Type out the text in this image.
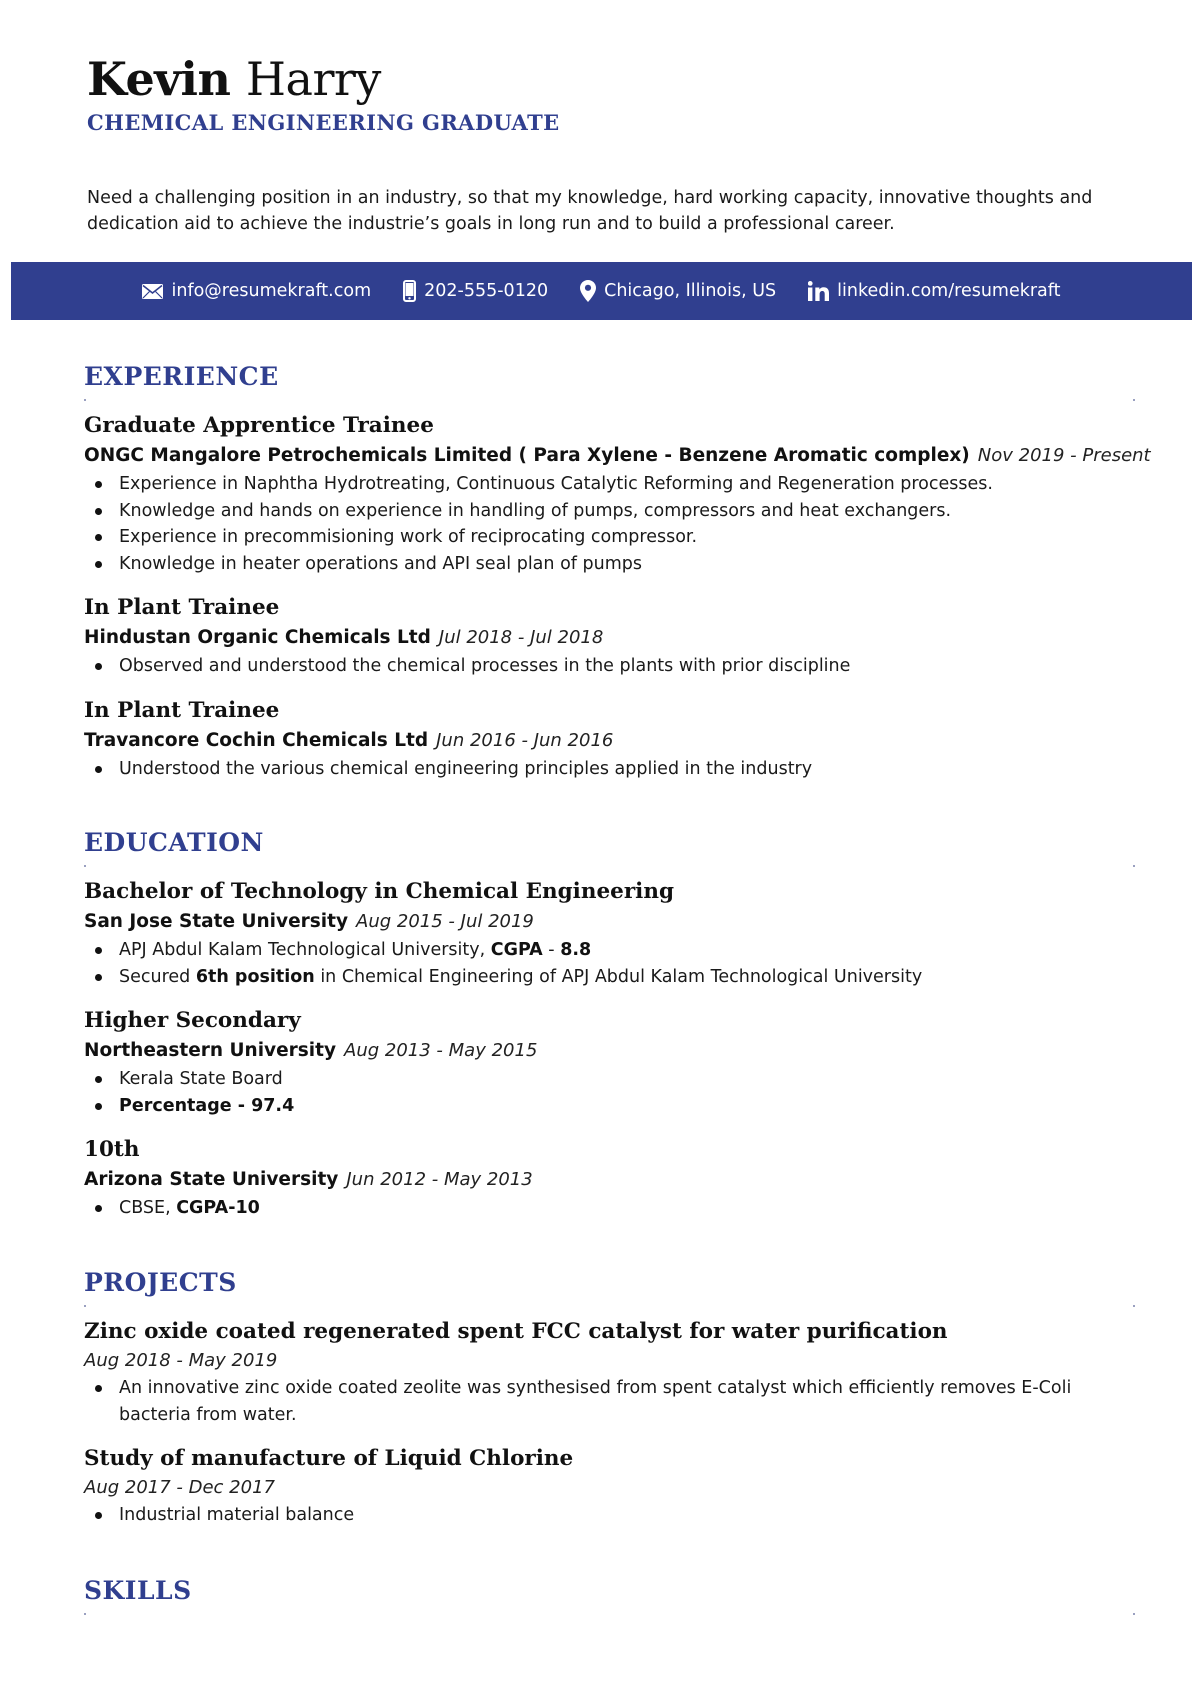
Kevin Harry

CHEMICAL ENGINEERING GRADUATE

Need a challenging position in an industry, so that my knowledge, hard working capacity, innovative thoughts and dedication aid to achieve the industrie’s goals in long run and to build a professional career.

info@resumekraft.com	202-555-0120	Chicago, Illinois, US	linkedin.com/resumekraft
EXPERIENCE

Graduate Apprentice Trainee

ONGC Mangalore Petrochemicals Limited ( Para Xylene - Benzene Aromatic complex) Nov 2019 - Present

Experience in Naphtha Hydrotreating, Continuous Catalytic Reforming and Regeneration processes.
Knowledge and hands on experience in handling of pumps, compressors and heat exchangers.
Experience in precommisioning work of reciprocating compressor.
Knowledge in heater operations and API seal plan of pumps

In Plant Trainee

Hindustan Organic Chemicals Ltd Jul 2018 - Jul 2018

Observed and understood the chemical processes in the plants with prior discipline

In Plant Trainee

Travancore Cochin Chemicals Ltd Jun 2016 - Jun 2016

Understood the various chemical engineering principles applied in the industry
EDUCATION

Bachelor of Technology in Chemical Engineering

San Jose State University Aug 2015 - Jul 2019

APJ Abdul Kalam Technological University, CGPA - 8.8
Secured 6th position in Chemical Engineering of APJ Abdul Kalam Technological University

Higher Secondary

Northeastern University Aug 2013 - May 2015

Kerala State Board
Percentage - 97.4

10th

Arizona State University Jun 2012 - May 2013

CBSE, CGPA-10
PROJECTS

Zinc oxide coated regenerated spent FCC catalyst for water purification

Aug 2018 - May 2019

An innovative zinc oxide coated zeolite was synthesised from spent catalyst which efficiently removes E-Coli bacteria from water.

Study of manufacture of Liquid Chlorine

Aug 2017 - Dec 2017

Industrial material balance
SKILLS
